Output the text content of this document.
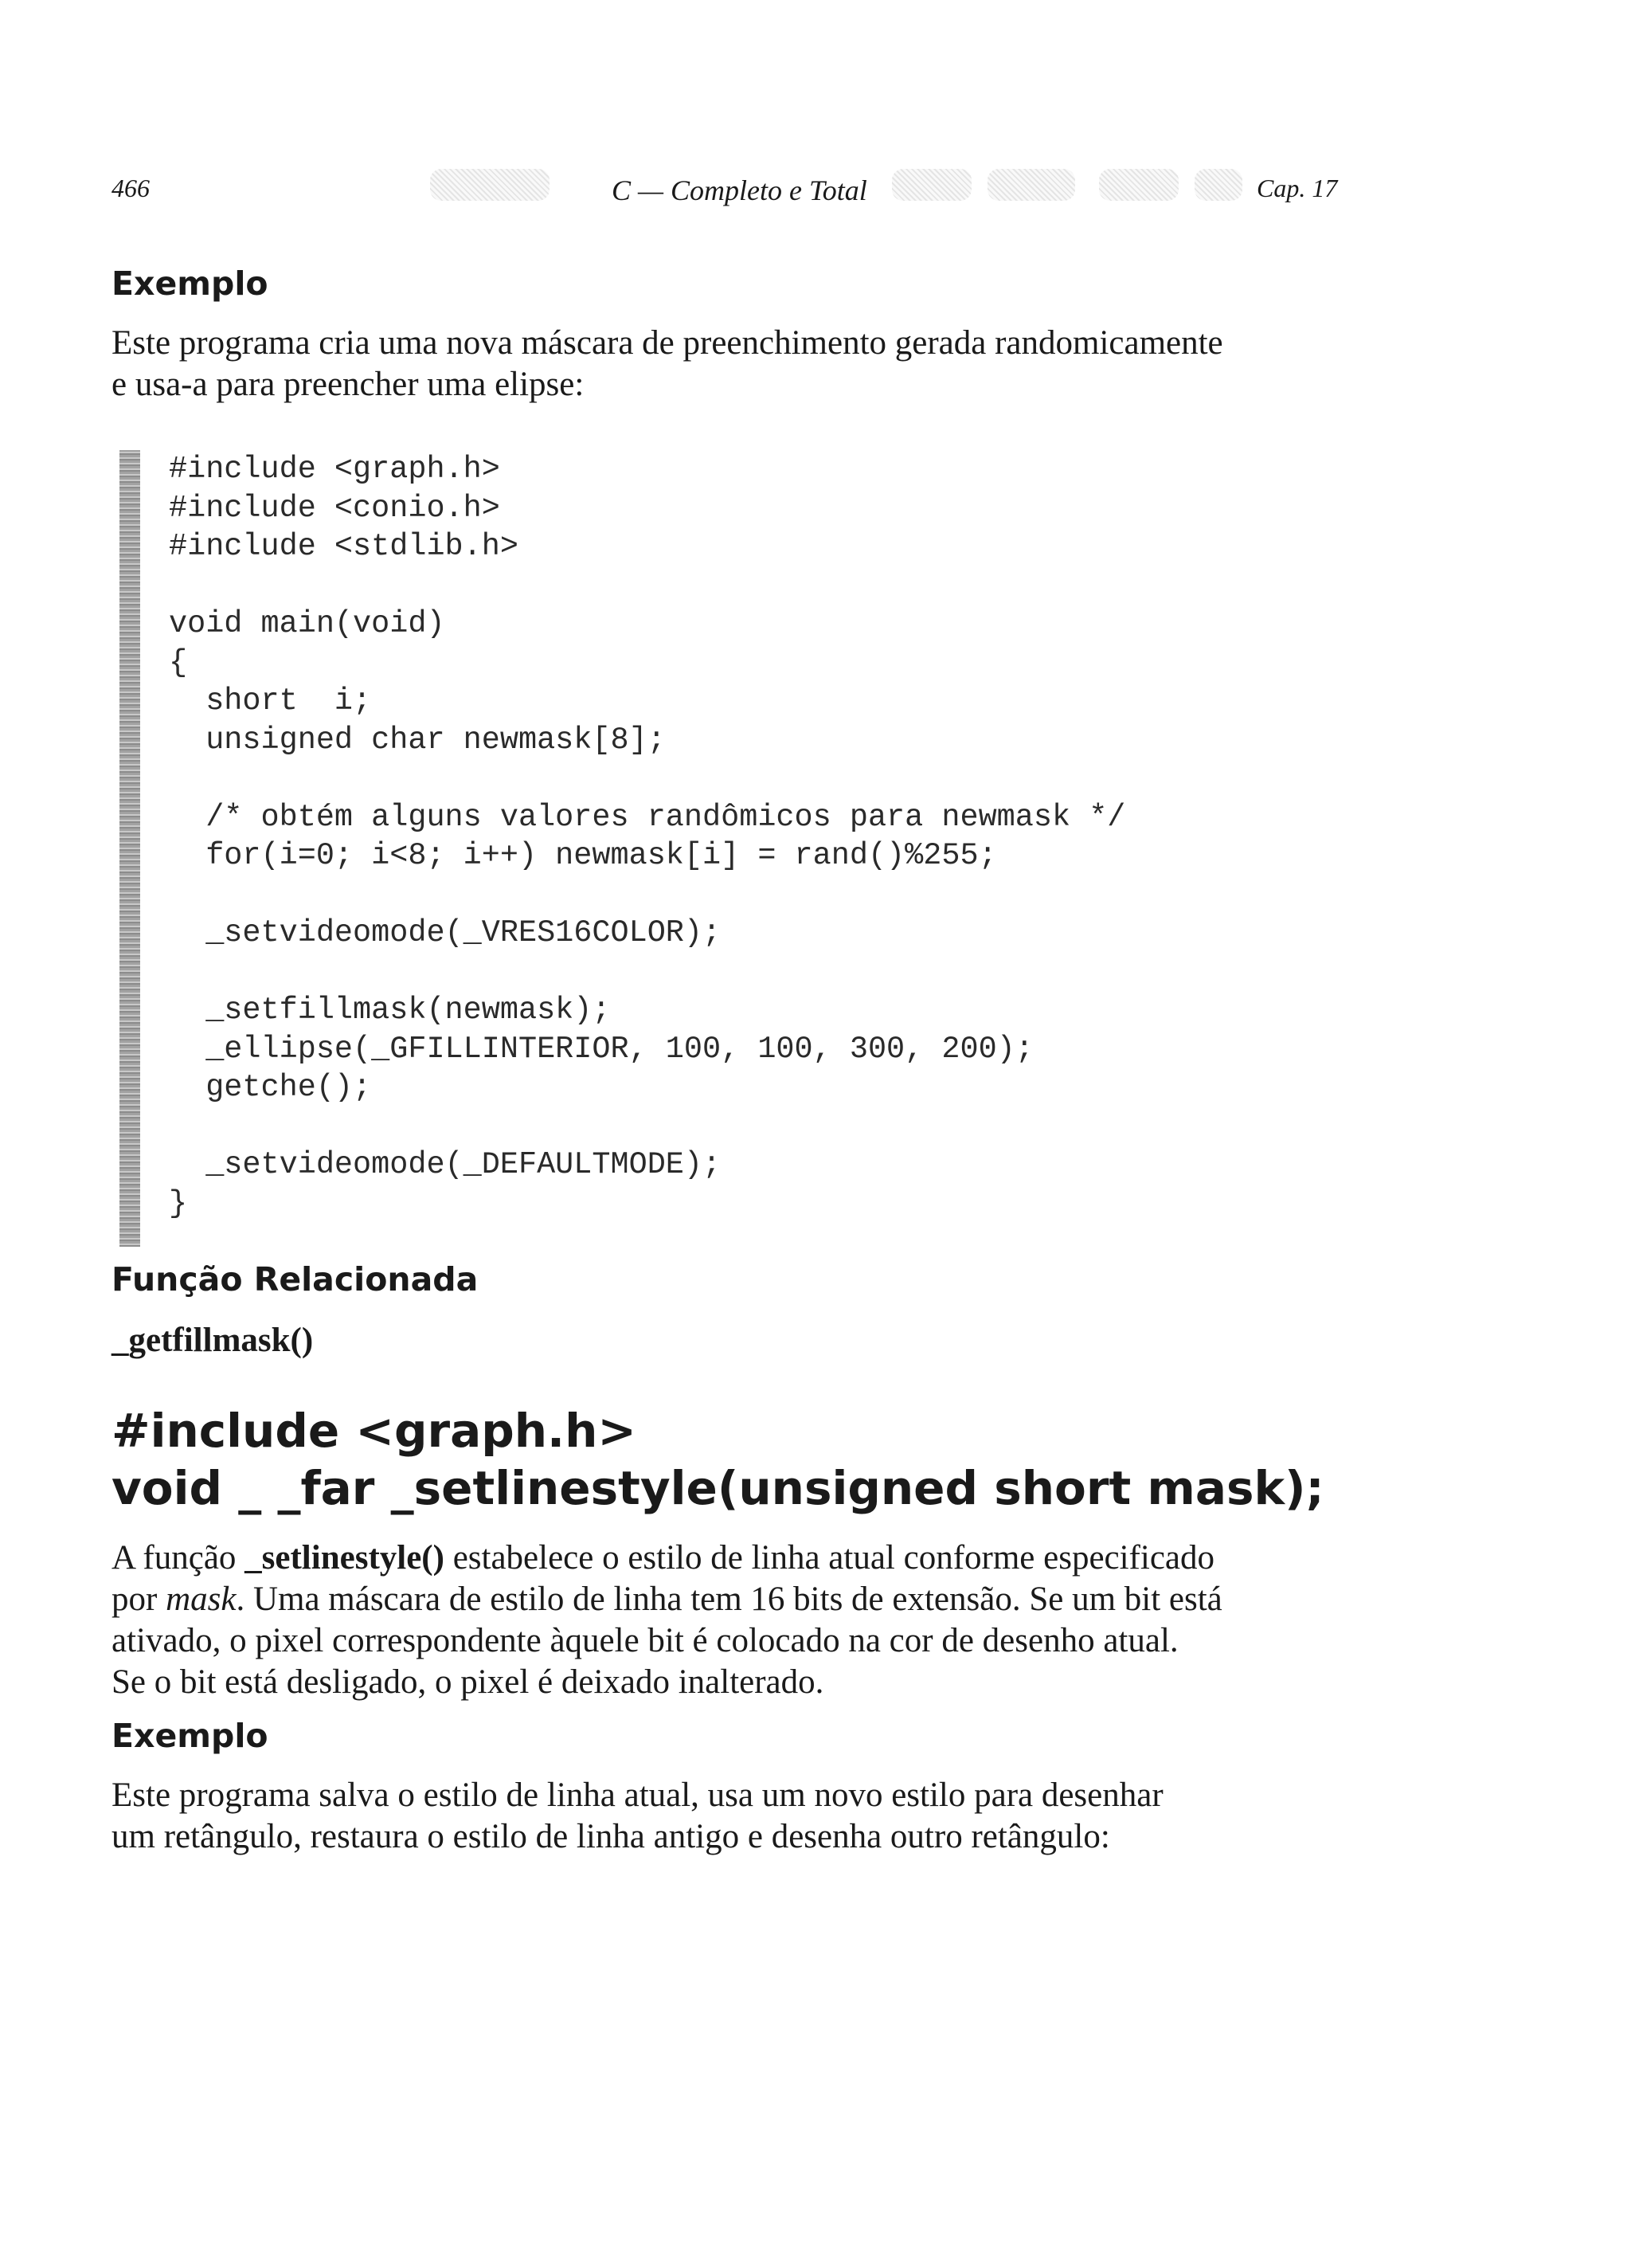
466	C — Completo e Total	Cap. 17
Exemplo
Este programa cria uma nova máscara de preenchimento gerada randomicamente
e usa-a para preencher uma elipse:
#include <graph.h>
#include <conio.h>
#include <stdlib.h>
void main(void)
{
short  i;
unsigned char newmask[8];
/* obtém alguns valores randômicos para newmask */
for(i=0; i<8; i++) newmask[i] = rand()%255;
_setvideomode(_VRES16COLOR);
_setfillmask(newmask);
_ellipse(_GFILLINTERIOR, 100, 100, 300, 200);
getche();
_setvideomode(_DEFAULTMODE);
}
Função Relacionada
_getfillmask()
#include <graph.h>
void _ _far _setlinestyle(unsigned short mask);
A função _setlinestyle() estabelece o estilo de linha atual conforme especificado
por mask. Uma máscara de estilo de linha tem 16 bits de extensão. Se um bit está
ativado, o pixel correspondente àquele bit é colocado na cor de desenho atual.
Se o bit está desligado, o pixel é deixado inalterado.
Exemplo
Este programa salva o estilo de linha atual, usa um novo estilo para desenhar
um retângulo, restaura o estilo de linha antigo e desenha outro retângulo:
